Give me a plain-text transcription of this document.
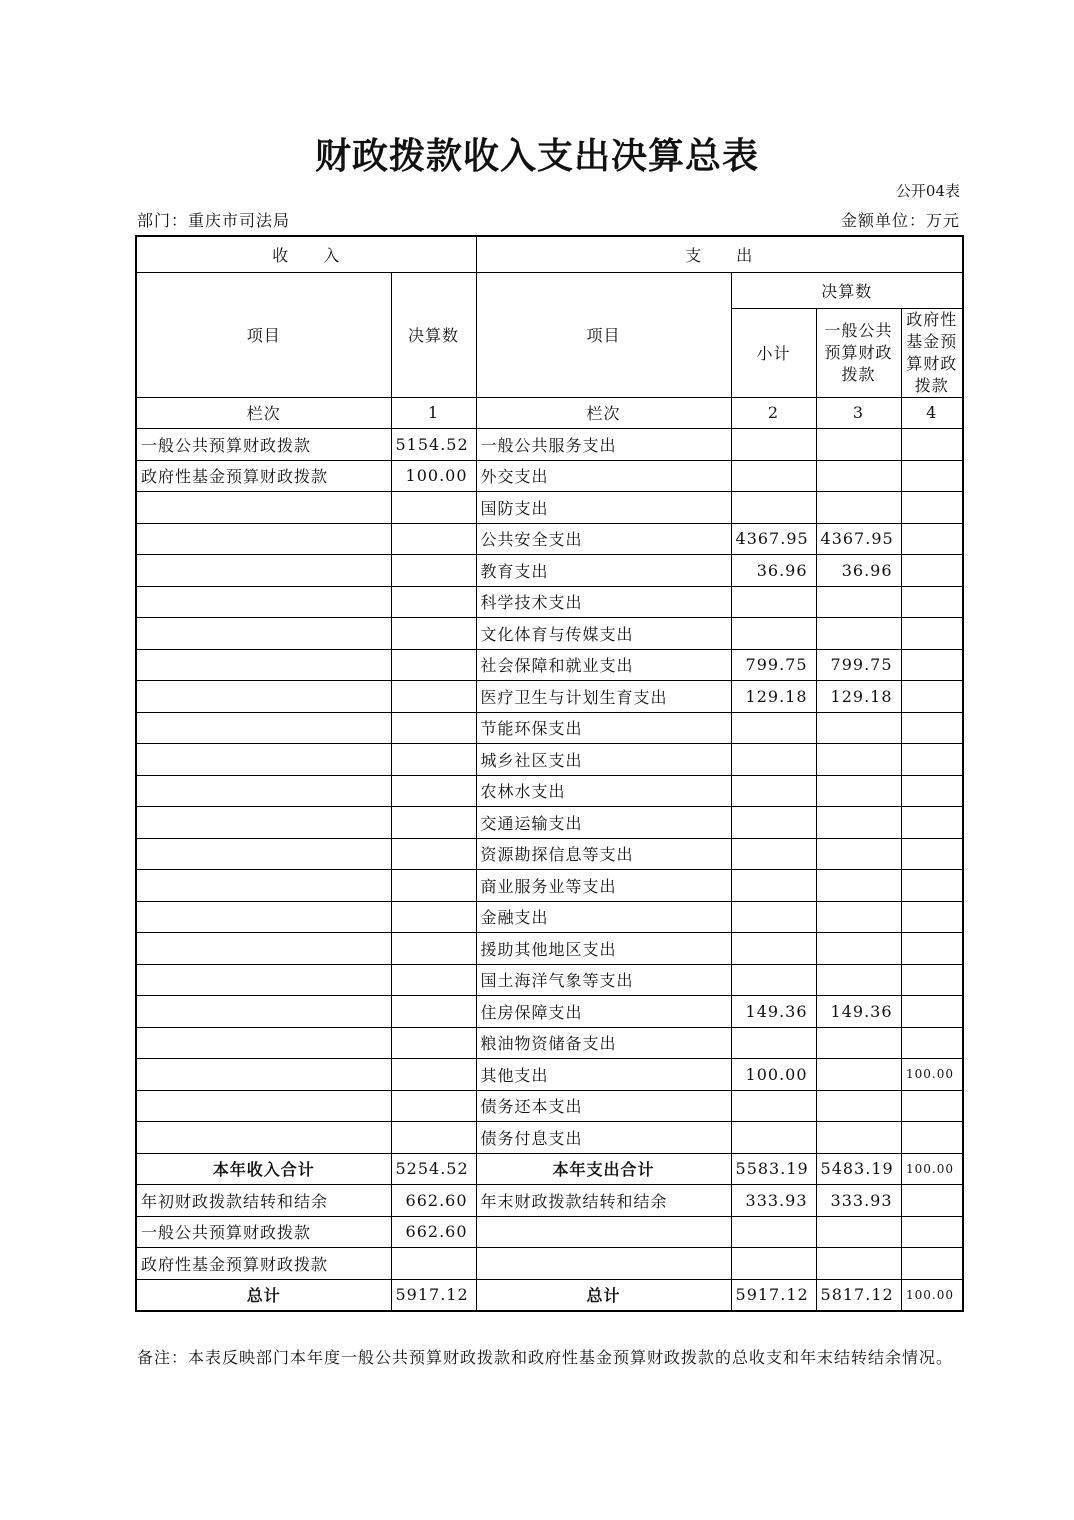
财政拨款收入支出决算总表
公开04表
部门：重庆市司法局	金额单位：万元
收　　入		支　　出			
项目	决算数	项目	决算数		
			小计	一般公共预算财政拨款	政府性基金预算财政拨款
栏次	1	栏次	2	3	4
一般公共预算财政拨款	5154.52	一般公共服务支出			
政府性基金预算财政拨款	100.00	外交支出			
		国防支出			
		公共安全支出	4367.95	4367.95	
		教育支出	36.96	36.96	
		科学技术支出			
		文化体育与传媒支出			
		社会保障和就业支出	799.75	799.75	
		医疗卫生与计划生育支出	129.18	129.18	
		节能环保支出			
		城乡社区支出			
		农林水支出			
		交通运输支出			
		资源勘探信息等支出			
		商业服务业等支出			
		金融支出			
		援助其他地区支出			
		国土海洋气象等支出			
		住房保障支出	149.36	149.36	
		粮油物资储备支出			
		其他支出	100.00		100.00
		债务还本支出			
		债务付息支出			
本年收入合计	5254.52	本年支出合计	5583.19	5483.19	100.00
年初财政拨款结转和结余	662.60	年末财政拨款结转和结余	333.93	333.93	
一般公共预算财政拨款	662.60				
政府性基金预算财政拨款					
总计	5917.12	总计	5917.12	5817.12	100.00
备注：本表反映部门本年度一般公共预算财政拨款和政府性基金预算财政拨款的总收支和年末结转结余情况。
